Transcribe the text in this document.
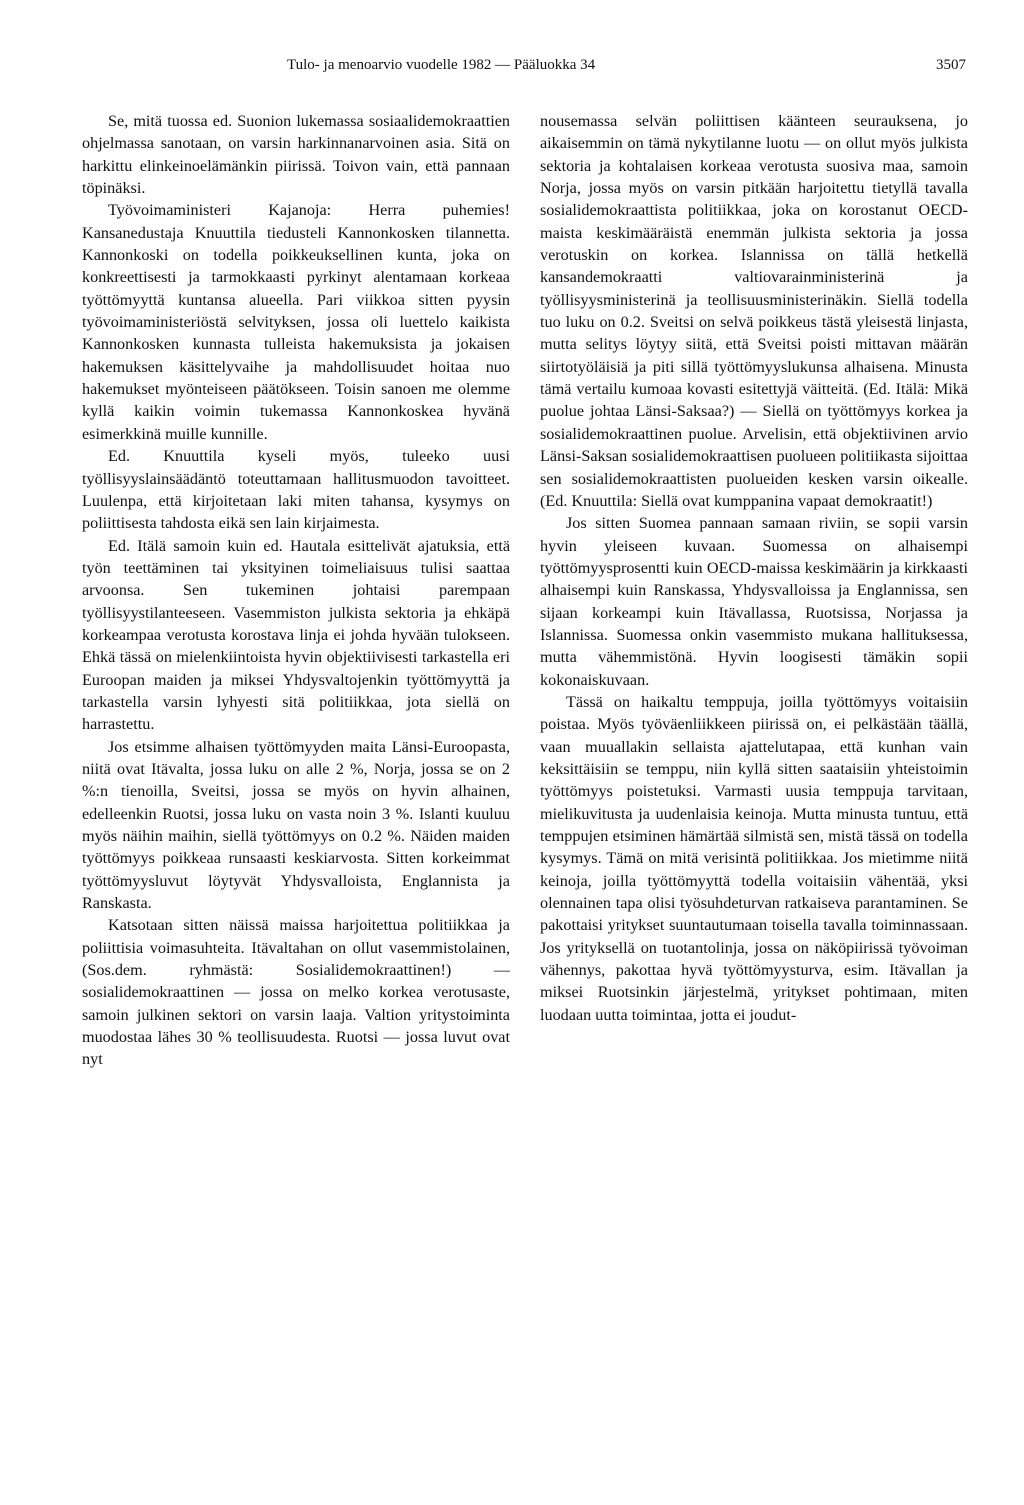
Tulo- ja menoarvio vuodelle 1982 — Pääluokka 34	3507

Se, mitä tuossa ed. Suonion lukemassa sosiaalidemokraattien ohjelmassa sanotaan, on varsin harkinnanarvoinen asia. Sitä on harkittu elinkeinoelämänkin piirissä. Toivon vain, että pannaan töpinäksi.

Työvoimaministeri Kajanoja: Herra puhemies! Kansanedustaja Knuuttila tiedusteli Kannonkosken tilannetta. Kannonkoski on todella poikkeuksellinen kunta, joka on konkreettisesti ja tarmokkaasti pyrkinyt alentamaan korkeaa työttömyyttä kuntansa alueella. Pari viikkoa sitten pyysin työvoimaministeriöstä selvityksen, jossa oli luettelo kaikista Kannonkosken kunnasta tulleista hakemuksista ja jokaisen hakemuksen käsittelyvaihe ja mahdollisuudet hoitaa nuo hakemukset myönteiseen päätökseen. Toisin sanoen me olemme kyllä kaikin voimin tukemassa Kannonkoskea hyvänä esimerkkinä muille kunnille.

Ed. Knuuttila kyseli myös, tuleeko uusi työllisyyslainsäädäntö toteuttamaan hallitusmuodon tavoitteet. Luulenpa, että kirjoitetaan laki miten tahansa, kysymys on poliittisesta tahdosta eikä sen lain kirjaimesta.

Ed. Itälä samoin kuin ed. Hautala esittelivät ajatuksia, että työn teettäminen tai yksityinen toimeliaisuus tulisi saattaa arvoonsa. Sen tukeminen johtaisi parempaan työllisyystilanteeseen. Vasemmiston julkista sektoria ja ehkäpä korkeampaa verotusta korostava linja ei johda hyvään tulokseen. Ehkä tässä on mielenkiintoista hyvin objektiivisesti tarkastella eri Euroopan maiden ja miksei Yhdysvaltojenkin työttömyyttä ja tarkastella varsin lyhyesti sitä politiikkaa, jota siellä on harrastettu.

Jos etsimme alhaisen työttömyyden maita Länsi-Euroopasta, niitä ovat Itävalta, jossa luku on alle 2 %, Norja, jossa se on 2 %:n tienoilla, Sveitsi, jossa se myös on hyvin alhainen, edelleenkin Ruotsi, jossa luku on vasta noin 3 %. Islanti kuuluu myös näihin maihin, siellä työttömyys on 0.2 %. Näiden maiden työttömyys poikkeaa runsaasti keskiarvosta. Sitten korkeimmat työttömyysluvut löytyvät Yhdysvalloista, Englannista ja Ranskasta.

Katsotaan sitten näissä maissa harjoitettua politiikkaa ja poliittisia voimasuhteita. Itävaltahan on ollut vasemmistolainen, (Sos.dem. ryhmästä: Sosialidemokraattinen!) — sosialidemokraattinen — jossa on melko korkea verotusaste, samoin julkinen sektori on varsin laaja. Valtion yritystoiminta muodostaa lähes 30 % teollisuudesta. Ruotsi — jossa luvut ovat nyt

nousemassa selvän poliittisen käänteen seurauksena, jo aikaisemmin on tämä nykytilanne luotu — on ollut myös julkista sektoria ja kohtalaisen korkeaa verotusta suosiva maa, samoin Norja, jossa myös on varsin pitkään harjoitettu tietyllä tavalla sosialidemokraattista politiikkaa, joka on korostanut OECD-maista keskimääräistä enemmän julkista sektoria ja jossa verotuskin on korkea. Islannissa on tällä hetkellä kansandemokraatti valtiovarainministerinä ja työllisyysministerinä ja teollisuusministerinäkin. Siellä todella tuo luku on 0.2. Sveitsi on selvä poikkeus tästä yleisestä linjasta, mutta selitys löytyy siitä, että Sveitsi poisti mittavan määrän siirtotyöläisiä ja piti sillä työttömyyslukunsa alhaisena. Minusta tämä vertailu kumoaa kovasti esitettyjä väitteitä. (Ed. Itälä: Mikä puolue johtaa Länsi-Saksaa?) — Siellä on työttömyys korkea ja sosialidemokraattinen puolue. Arvelisin, että objektiivinen arvio Länsi-Saksan sosialidemokraattisen puolueen politiikasta sijoittaa sen sosialidemokraattisten puolueiden kesken varsin oikealle. (Ed. Knuuttila: Siellä ovat kumppanina vapaat demokraatit!)

Jos sitten Suomea pannaan samaan riviin, se sopii varsin hyvin yleiseen kuvaan. Suomessa on alhaisempi työttömyysprosentti kuin OECD-maissa keskimäärin ja kirkkaasti alhaisempi kuin Ranskassa, Yhdysvalloissa ja Englannissa, sen sijaan korkeampi kuin Itävallassa, Ruotsissa, Norjassa ja Islannissa. Suomessa onkin vasemmisto mukana hallituksessa, mutta vähemmistönä. Hyvin loogisesti tämäkin sopii kokonaiskuvaan.

Tässä on haikaltu temppuja, joilla työttömyys voitaisiin poistaa. Myös työväenliikkeen piirissä on, ei pelkästään täällä, vaan muuallakin sellaista ajattelutapaa, että kunhan vain keksittäisiin se temppu, niin kyllä sitten saataisiin yhteistoimin työttömyys poistetuksi. Varmasti uusia temppuja tarvitaan, mielikuvitusta ja uudenlaisia keinoja. Mutta minusta tuntuu, että temppujen etsiminen hämärtää silmistä sen, mistä tässä on todella kysymys. Tämä on mitä verisintä politiikkaa. Jos mietimme niitä keinoja, joilla työttömyyttä todella voitaisiin vähentää, yksi olennainen tapa olisi työsuhdeturvan ratkaiseva parantaminen. Se pakottaisi yritykset suuntautumaan toisella tavalla toiminnassaan. Jos yrityksellä on tuotantolinja, jossa on näköpiirissä työvoiman vähennys, pakottaa hyvä työttömyysturva, esim. Itävallan ja miksei Ruotsinkin järjestelmä, yritykset pohtimaan, miten luodaan uutta toimintaa, jotta ei joudut-
